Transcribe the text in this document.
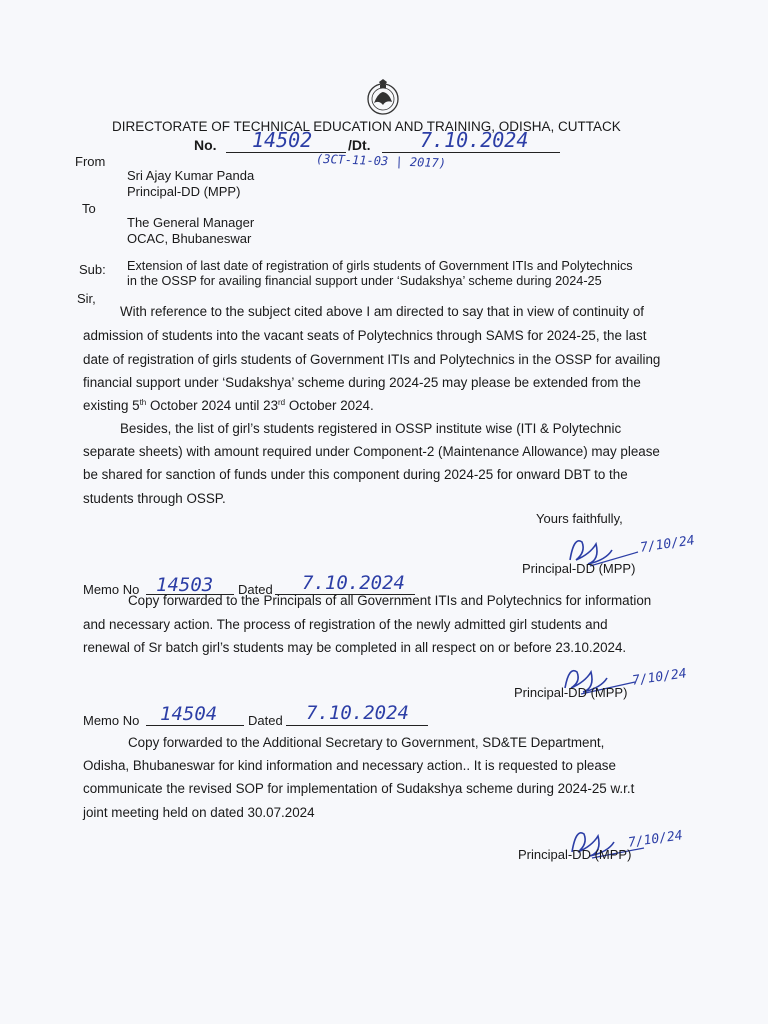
DIRECTORATE OF TECHNICAL EDUCATION AND TRAINING, ODISHA, CUTTACK
No. 14502	/Dt. 7.10.2024
(3CT-11-03 | 2017)
From
Sri Ajay Kumar Panda
Principal-DD (MPP)
To
The General Manager
OCAC, Bhubaneswar
Sub: Extension of last date of registration of girls students of Government ITIs and Polytechnics
in the OSSP for availing financial support under ‘Sudakshya’ scheme during 2024-25
Sir,
With reference to the subject cited above I am directed to say that in view of continuity of
admission of students into the vacant seats of Polytechnics through SAMS for 2024-25, the last
date of registration of girls students of Government ITIs and Polytechnics in the OSSP for availing
financial support under ‘Sudakshya’ scheme during 2024-25 may please be extended from the
existing 5th October 2024 until 23rd October 2024.
Besides, the list of girl’s students registered in OSSP institute wise (ITI & Polytechnic
separate sheets) with amount required under Component-2 (Maintenance Allowance) may please
be shared for sanction of funds under this component during 2024-25 for onward DBT to the
students through OSSP.
Yours faithfully,
7/10/24
Principal-DD (MPP)
Memo No 14503 Dated 7.10.2024
Copy forwarded to the Principals of all Government ITIs and Polytechnics for information
and necessary action. The process of registration of the newly admitted girl students and
renewal of Sr batch girl’s students may be completed in all respect on or before 23.10.2024.
7/10/24
Principal-DD (MPP)
Memo No 14504 Dated 7.10.2024
Copy forwarded to the Additional Secretary to Government, SD&TE Department,
Odisha, Bhubaneswar for kind information and necessary action.. It is requested to please
communicate the revised SOP for implementation of Sudakshya scheme during 2024-25 w.r.t
joint meeting held on dated 30.07.2024
7/10/24
Principal-DD (MPP)
